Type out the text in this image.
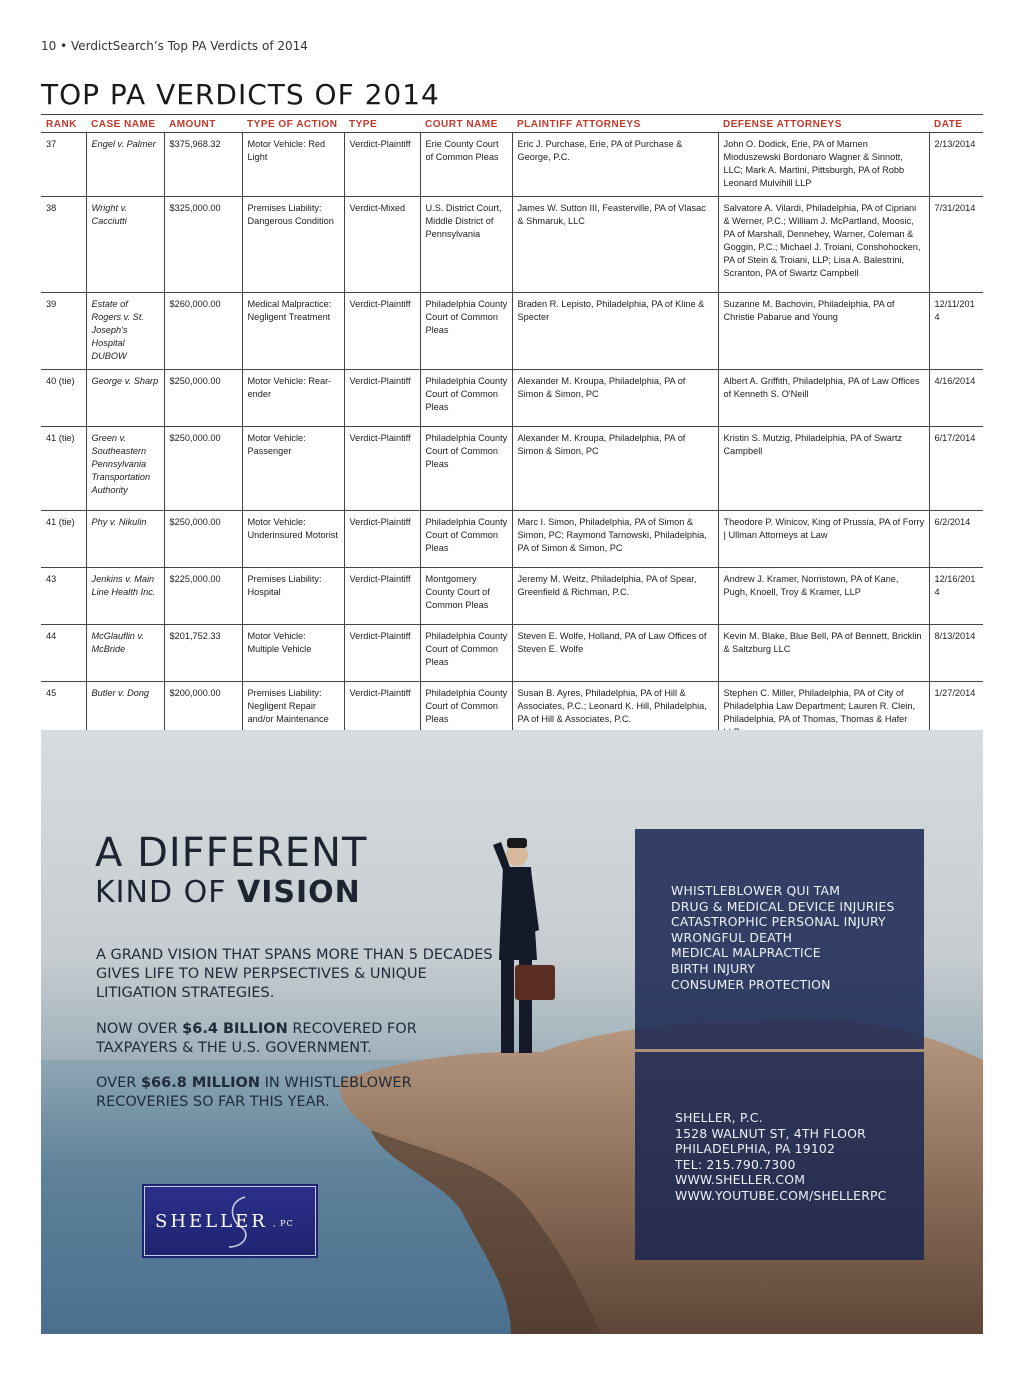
10 • VerdictSearch’s Top PA Verdicts of 2014
TOP PA VERDICTS OF 2014
RANK	CASE NAME	AMOUNT	TYPE OF ACTION	TYPE	COURT NAME	PLAINTIFF ATTORNEYS	DEFENSE ATTORNEYS	DATE
37	Engel v. Palmer	$375,968.32	Motor Vehicle: Red Light	Verdict-Plaintiff	Erie County Court of Common Pleas	Eric J. Purchase, Erie, PA of Purchase & George, P.C.	John O. Dodick, Erie, PA of Marnen Mioduszewski Bordonaro Wagner & Sinnott, LLC; Mark A. Martini, Pittsburgh, PA of Robb Leonard Mulvihill LLP	2/13/2014
38	Wright v. Cacciutti	$325,000.00	Premises Liability: Dangerous Condition	Verdict-Mixed	U.S. District Court, Middle District of Pennsylvania	James W. Sutton III, Feasterville, PA of Vlasac & Shmaruk, LLC	Salvatore A. Vilardi, Philadelphia, PA of Cipriani & Werner, P.C.; William J. McPartland, Moosic, PA of Marshall, Dennehey, Warner, Coleman & Goggin, P.C.; Michael J. Troiani, Conshohocken, PA of Stein & Troiani, LLP; Lisa A. Balestrini, Scranton, PA of Swartz Campbell	7/31/2014
39	Estate of Rogers v. St. Joseph's Hospital DUBOW	$260,000.00	Medical Malpractice: Negligent Treatment	Verdict-Plaintiff	Philadelphia County Court of Common Pleas	Braden R. Lepisto, Philadelphia, PA of Kline & Specter	Suzanne M. Bachovin, Philadelphia, PA of Christie Pabarue and Young	12/11/2014
40 (tie)	George v. Sharp	$250,000.00	Motor Vehicle: Rear-ender	Verdict-Plaintiff	Philadelphia County Court of Common Pleas	Alexander M. Kroupa, Philadelphia, PA of Simon & Simon, PC	Albert A. Griffith, Philadelphia, PA of Law Offices of Kenneth S. O'Neill	4/16/2014
41 (tie)	Green v. Southeastern Pennsylvania Transportation Authority	$250,000.00	Motor Vehicle: Passenger	Verdict-Plaintiff	Philadelphia County Court of Common Pleas	Alexander M. Kroupa, Philadelphia, PA of Simon & Simon, PC	Kristin S. Mutzig, Philadelphia, PA of Swartz Campbell	6/17/2014
41 (tie)	Phy v. Nikulin	$250,000.00	Motor Vehicle: Underinsured Motorist	Verdict-Plaintiff	Philadelphia County Court of Common Pleas	Marc I. Simon, Philadelphia, PA of Simon & Simon, PC; Raymond Tarnowski, Philadelphia, PA of Simon & Simon, PC	Theodore P. Winicov, King of Prussia, PA of Forry | Ullman Attorneys at Law	6/2/2014
43	Jenkins v. Main Line Health Inc.	$225,000.00	Premises Liability: Hospital	Verdict-Plaintiff	Montgomery County Court of Common Pleas	Jeremy M. Weitz, Philadelphia, PA of Spear, Greenfield & Richman, P.C.	Andrew J. Kramer, Norristown, PA of Kane, Pugh, Knoell, Troy & Kramer, LLP	12/16/2014
44	McGlauflin v. McBride	$201,752.33	Motor Vehicle: Multiple Vehicle	Verdict-Plaintiff	Philadelphia County Court of Common Pleas	Steven E. Wolfe, Holland, PA of Law Offices of Steven E. Wolfe	Kevin M. Blake, Blue Bell, PA of Bennett, Bricklin & Saltzburg LLC	8/13/2014
45	Butler v. Dong	$200,000.00	Premises Liability: Negligent Repair and/or Maintenance	Verdict-Plaintiff	Philadelphia County Court of Common Pleas	Susan B. Ayres, Philadelphia, PA of Hill & Associates, P.C.; Leonard K. Hill, Philadelphia, PA of Hill & Associates, P.C.	Stephen C. Miller, Philadelphia, PA of City of Philadelphia Law Department; Lauren R. Clein, Philadelphia, PA of Thomas, Thomas & Hafer	1/27/2014
A DIFFERENT
KIND OF VISION
A GRAND VISION THAT SPANS MORE THAN 5 DECADES GIVES LIFE TO NEW PERPSECTIVES & UNIQUE LITIGATION STRATEGIES.
NOW OVER $6.4 BILLION RECOVERED FOR TAXPAYERS & THE U.S. GOVERNMENT.
OVER $66.8 MILLION IN WHISTLEBLOWER RECOVERIES SO FAR THIS YEAR.
WHISTLEBLOWER QUI TAM
DRUG & MEDICAL DEVICE INJURIES
CATASTROPHIC PERSONAL INJURY
WRONGFUL DEATH
MEDICAL MALPRACTICE
BIRTH INJURY
CONSUMER PROTECTION
SHELLER, P.C.
1528 WALNUT ST, 4TH FLOOR
PHILADELPHIA, PA 19102
TEL: 215.790.7300
WWW.SHELLER.COM
WWW.YOUTUBE.COM/SHELLERPC
SHELLER , PC
